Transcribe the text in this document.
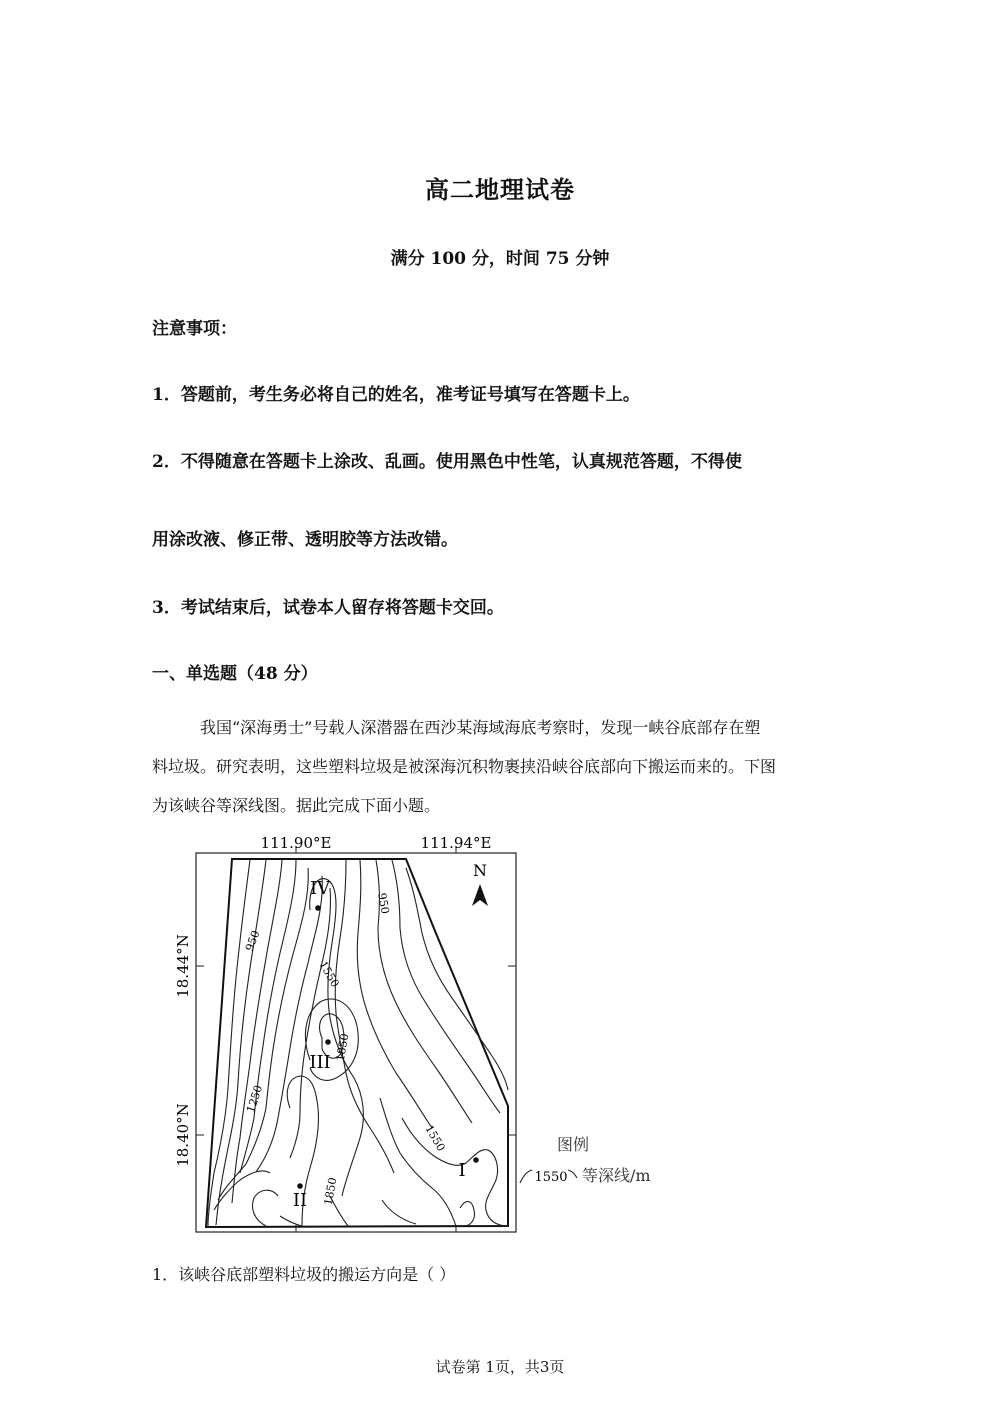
高二地理试卷
满分 100 分，时间 75 分钟
注意事项：
1．答题前，考生务必将自己的姓名，准考证号填写在答题卡上。
2．不得随意在答题卡上涂改、乱画。使用黑色中性笔，认真规范答题，不得使
用涂改液、修正带、透明胶等方法改错。
3．考试结束后，试卷本人留存将答题卡交回。
一、单选题（48 分）
我国“深海勇士”号载人深潜器在西沙某海域海底考察时，发现一峡谷底部存在塑
料垃圾。研究表明，这些塑料垃圾是被深海沉积物裹挟沿峡谷底部向下搬运而来的。下图
为该峡谷等深线图。据此完成下面小题。
111.90°E	111.94°E
18.44°N
18.40°N
N
950
950
1550
1850
1250
1550
1850
IV
III
II
I
图例
1550 等深线/m
1．该峡谷底部塑料垃圾的搬运方向是（ ）
试卷第 1页，共3页
